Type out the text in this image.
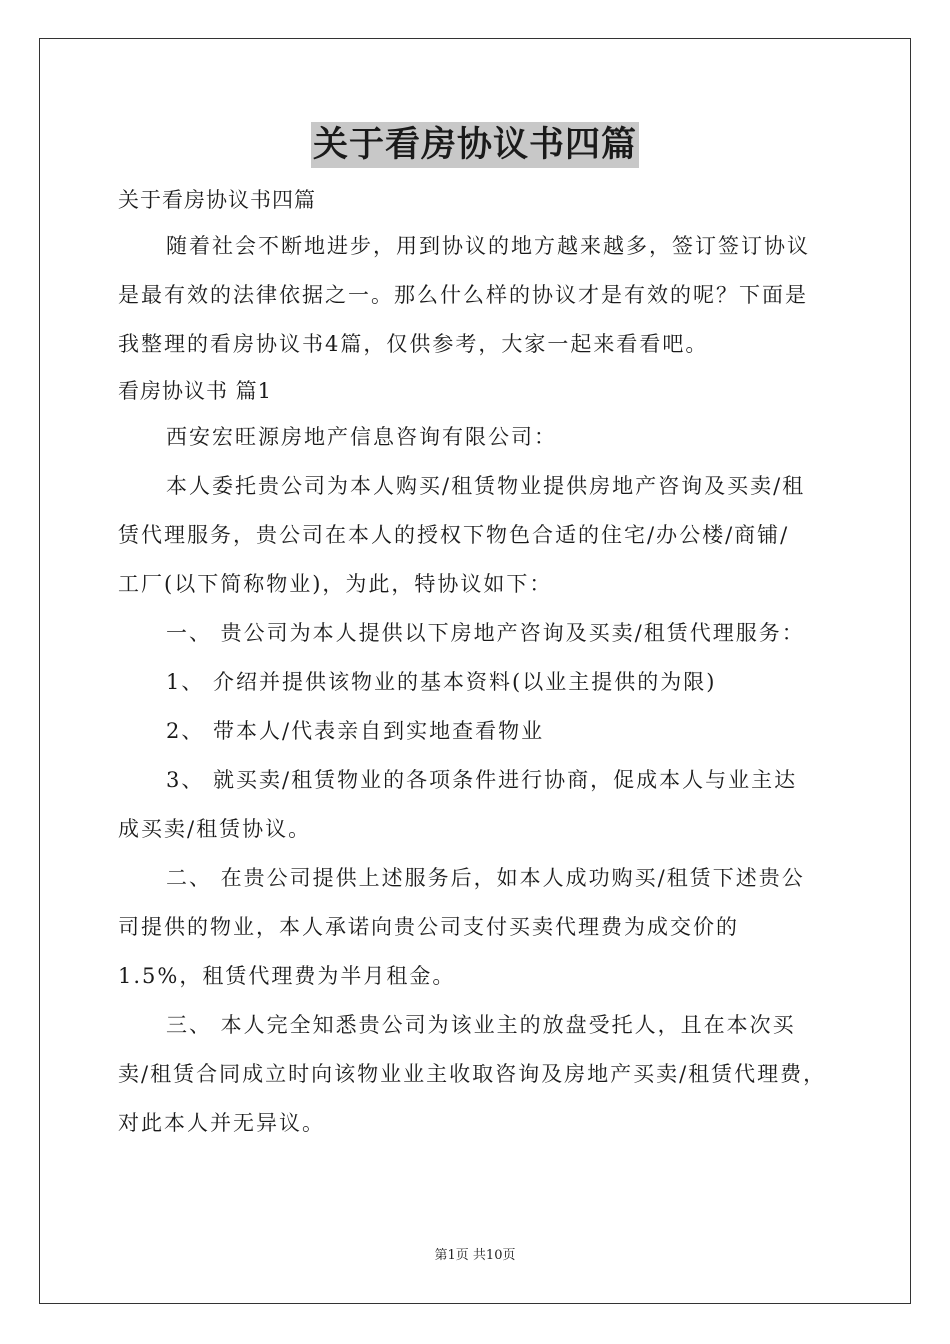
关于看房协议书四篇

关于看房协议书四篇

随着社会不断地进步，用到协议的地方越来越多，签订签订协议

是最有效的法律依据之一。那么什么样的协议才是有效的呢？下面是

我整理的看房协议书4篇，仅供参考，大家一起来看看吧。

看房协议书 篇1

西安宏旺源房地产信息咨询有限公司：

本人委托贵公司为本人购买/租赁物业提供房地产咨询及买卖/租

赁代理服务，贵公司在本人的授权下物色合适的住宅/办公楼/商铺/

工厂(以下简称物业)，为此，特协议如下：

一、 贵公司为本人提供以下房地产咨询及买卖/租赁代理服务：

1、 介绍并提供该物业的基本资料(以业主提供的为限)

2、 带本人/代表亲自到实地查看物业

3、 就买卖/租赁物业的各项条件进行协商，促成本人与业主达

成买卖/租赁协议。

二、 在贵公司提供上述服务后，如本人成功购买/租赁下述贵公

司提供的物业，本人承诺向贵公司支付买卖代理费为成交价的

1.5%，租赁代理费为半月租金。

三、 本人完全知悉贵公司为该业主的放盘受托人，且在本次买

卖/租赁合同成立时向该物业业主收取咨询及房地产买卖/租赁代理费，

对此本人并无异议。

第1页 共10页
